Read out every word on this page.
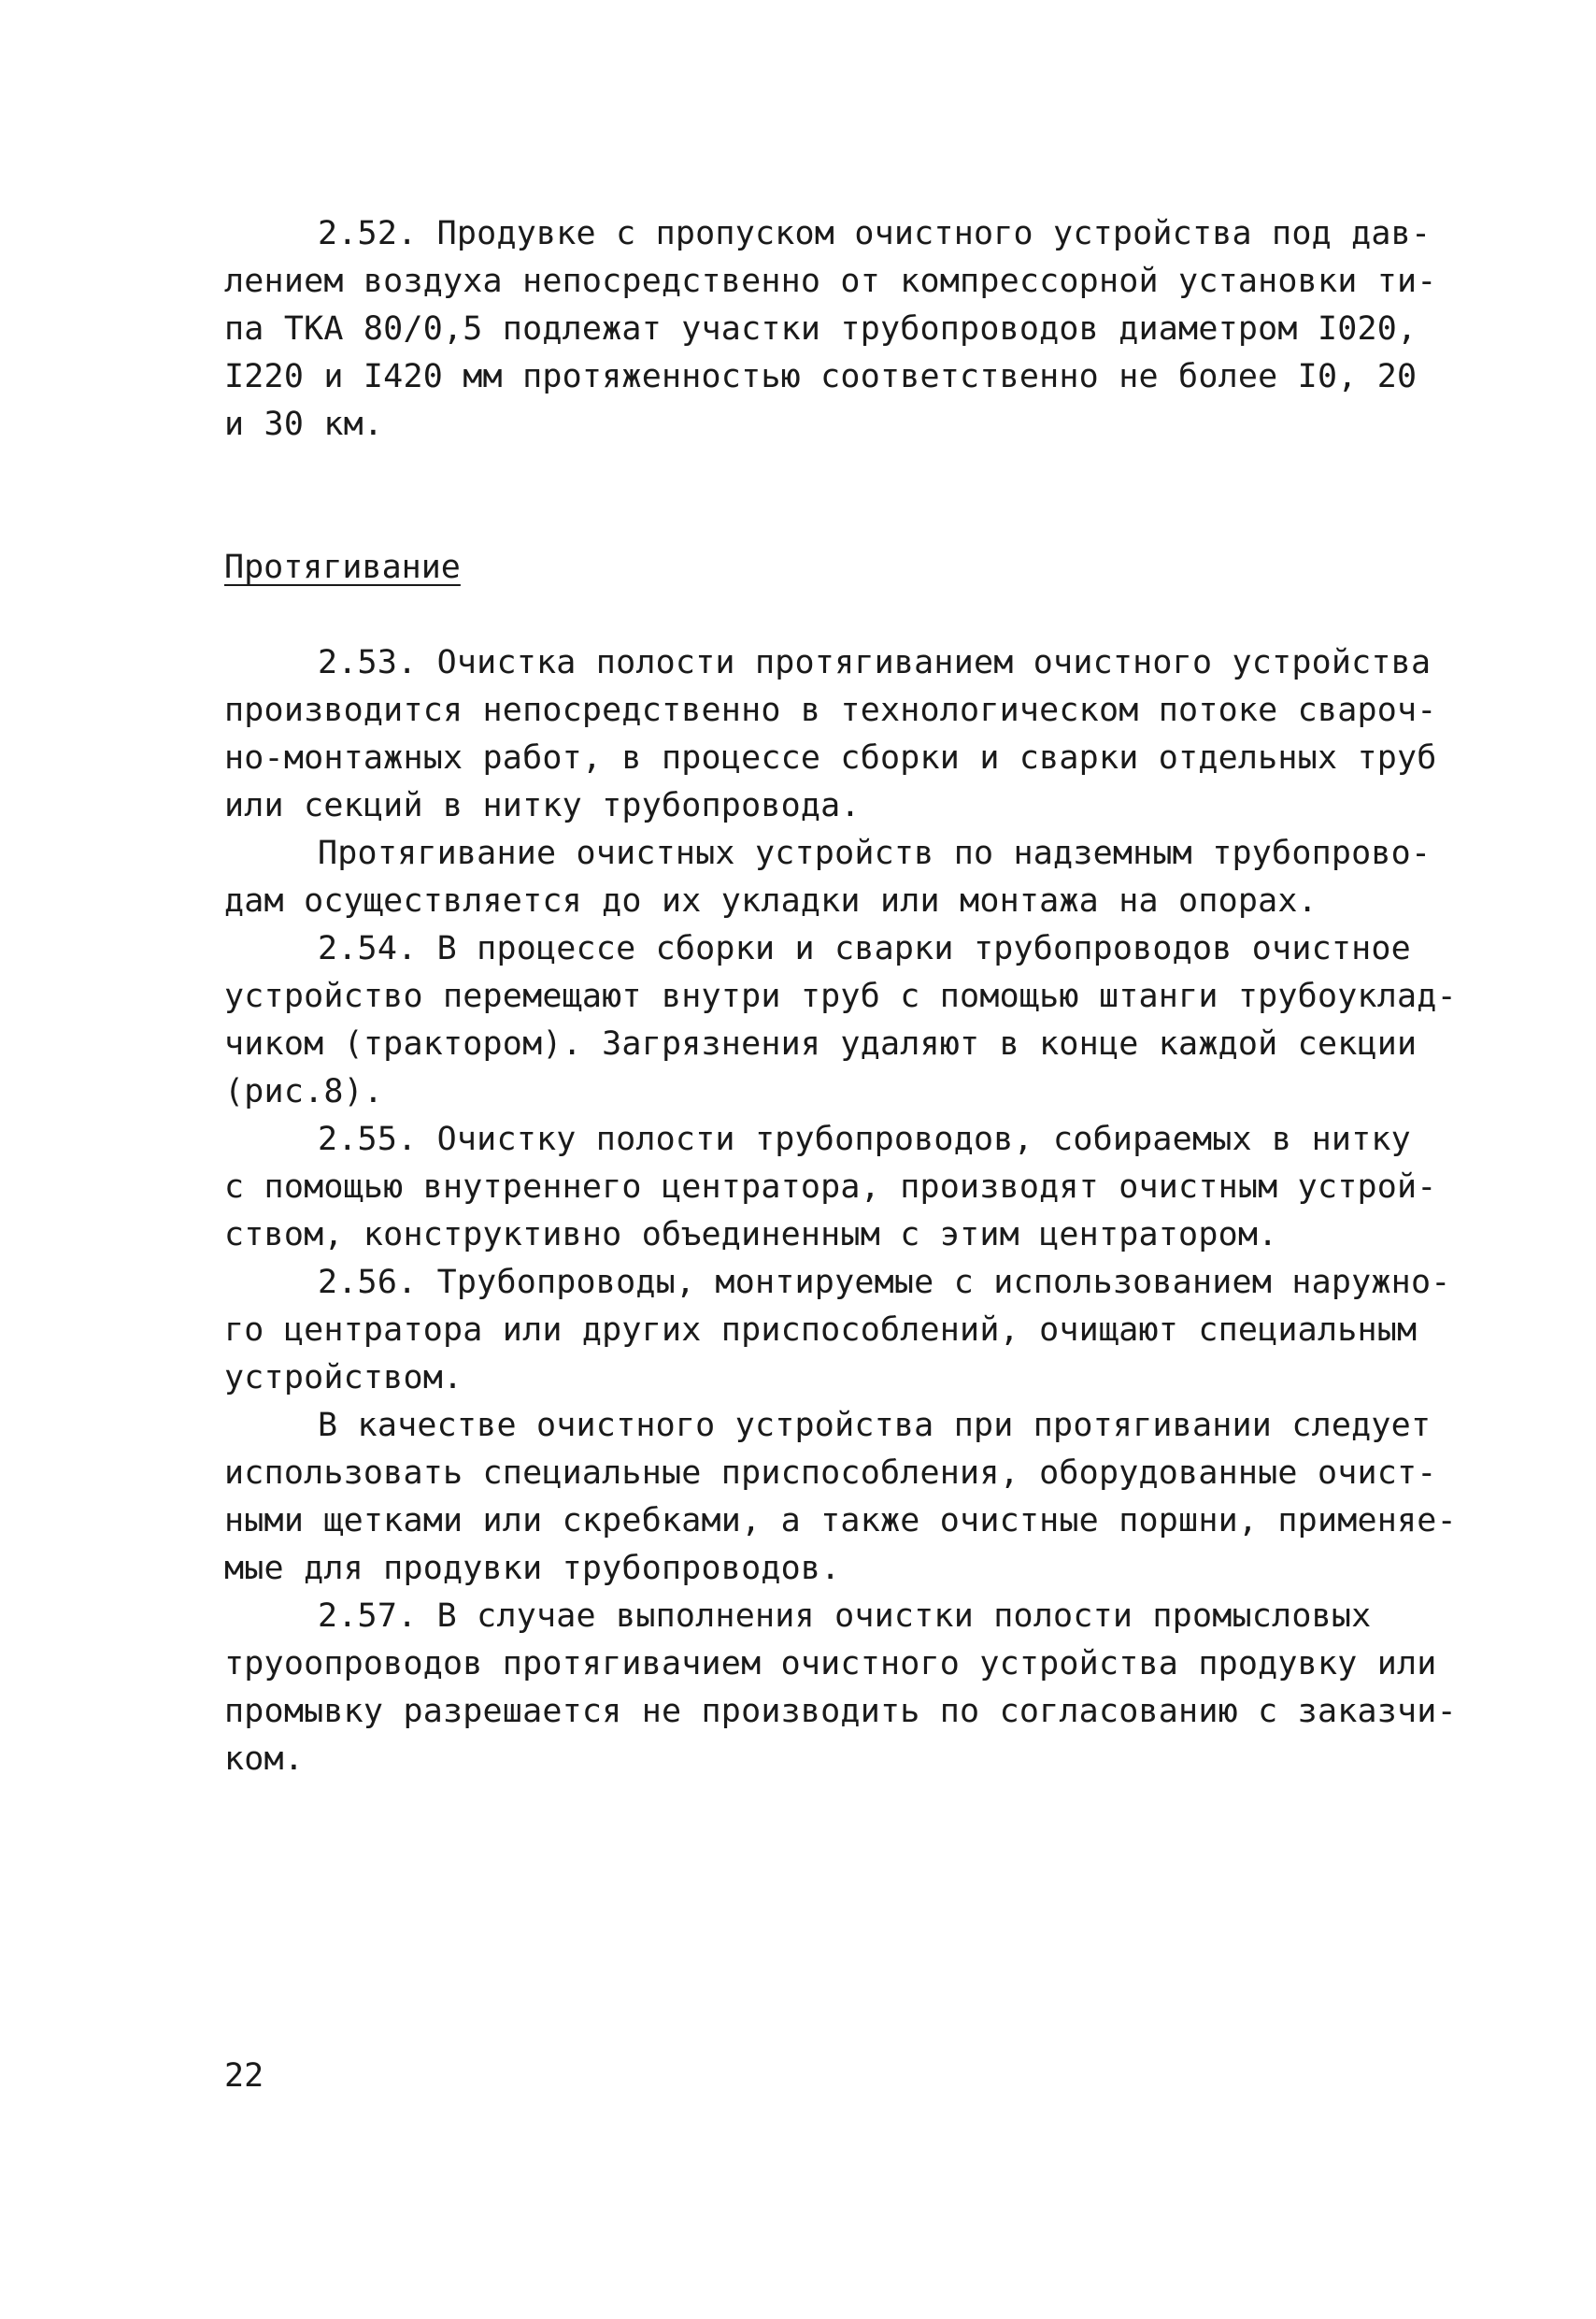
2.52. Продувке с пропуском очистного устройства под дав-
лением воздуха непосредственно от компрессорной установки ти-
па ТКА 80/0,5 подлежат участки трубопроводов диаметром I020,
I220 и I420 мм протяженностью соответственно не более I0, 20
и 30 км.
Протягивание
2.53. Очистка полости протягиванием очистного устройства
производится непосредственно в технологическом потоке свароч-
но-монтажных работ, в процессе сборки и сварки отдельных труб
или секций в нитку трубопровода.
Протягивание очистных устройств по надземным трубопрово-
дам осуществляется до их укладки или монтажа на опорах.
2.54. В процессе сборки и сварки трубопроводов очистное
устройство перемещают внутри труб с помощью штанги трубоуклад-
чиком (трактором). Загрязнения удаляют в конце каждой секции
(рис.8).
2.55. Очистку полости трубопроводов, собираемых в нитку
с помощью внутреннего центратора, производят очистным устрой-
ством, конструктивно объединенным с этим центратором.
2.56. Трубопроводы, монтируемые с использованием наружно-
го центратора или других приспособлений, очищают специальным
устройством.
В качестве очистного устройства при протягивании следует
использовать специальные приспособления, оборудованные очист-
ными щетками или скребками, а также очистные поршни, применяе-
мые для продувки трубопроводов.
2.57. В случае выполнения очистки полости промысловых
труоопроводов протягивачием очистного устройства продувку или
промывку разрешается не производить по согласованию с заказчи-
ком.
22
